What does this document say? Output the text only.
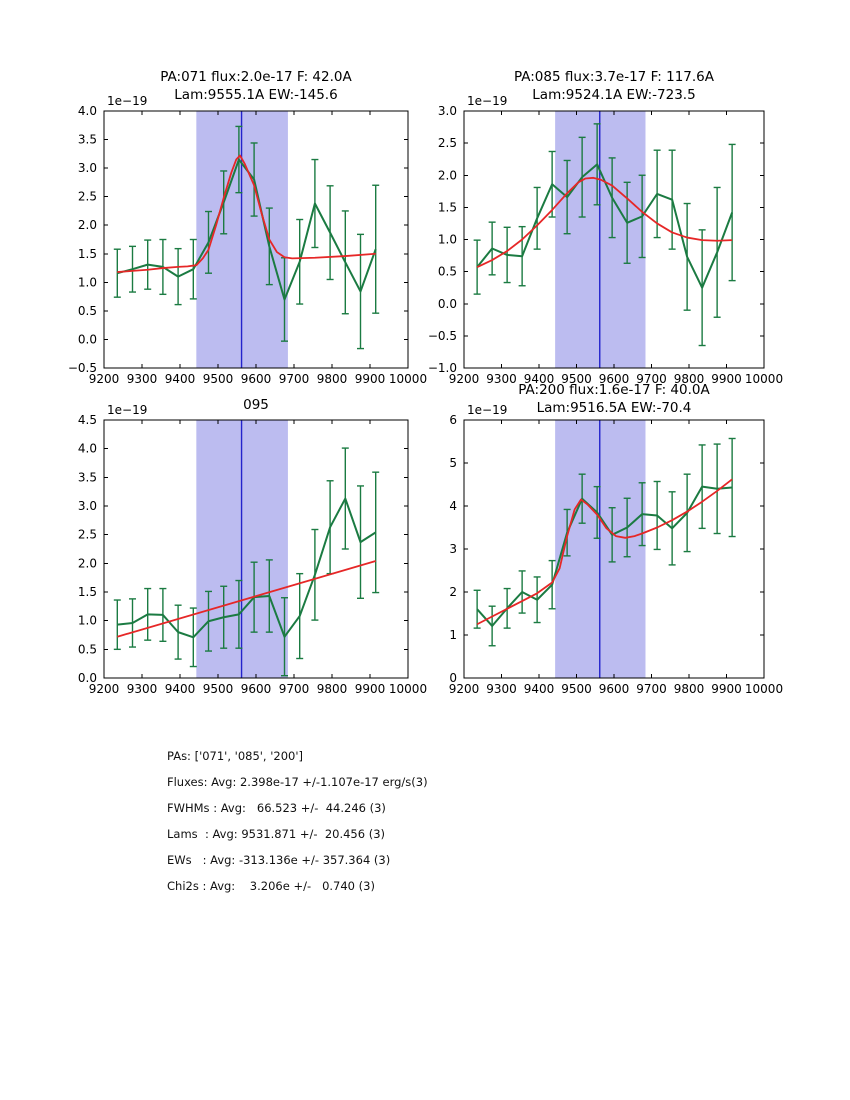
9200 9300 9400 9500 9600 9700 9800 9900 10000
−0.5
0.0
0.5
1.0
1.5
2.0
2.5
3.0
3.5
4.0
9200 9300 9400 9500 9600 9700 9800 9900 10000
−1.0
−0.5
0.0
0.5
1.0
1.5
2.0
2.5
3.0
9200 9300 9400 9500 9600 9700 9800 9900 10000
0.0
0.5
1.0
1.5
2.0
2.5
3.0
3.5
4.0
4.5
9200 9300 9400 9500 9600 9700 9800 9900 10000
0
1
2
3
4
5
6
PA:071 flux:2.0e-17 F: 42.0A
Lam:9555.1A EW:-145.6
PA:085 flux:3.7e-17 F: 117.6A
Lam:9524.1A EW:-723.5
095
PA:200 flux:1.6e-17 F: 40.0A
Lam:9516.5A EW:-70.4
1e−19	1e−19
1e−19	1e−19
PAs: ['071', '085', '200']
Fluxes: Avg: 2.398e-17 +/-1.107e-17 erg/s(3)
FWHMs : Avg:   66.523 +/-  44.246 (3)
Lams  : Avg: 9531.871 +/-  20.456 (3)
EWs   : Avg: -313.136e +/- 357.364 (3)
Chi2s : Avg:    3.206e +/-   0.740 (3)
